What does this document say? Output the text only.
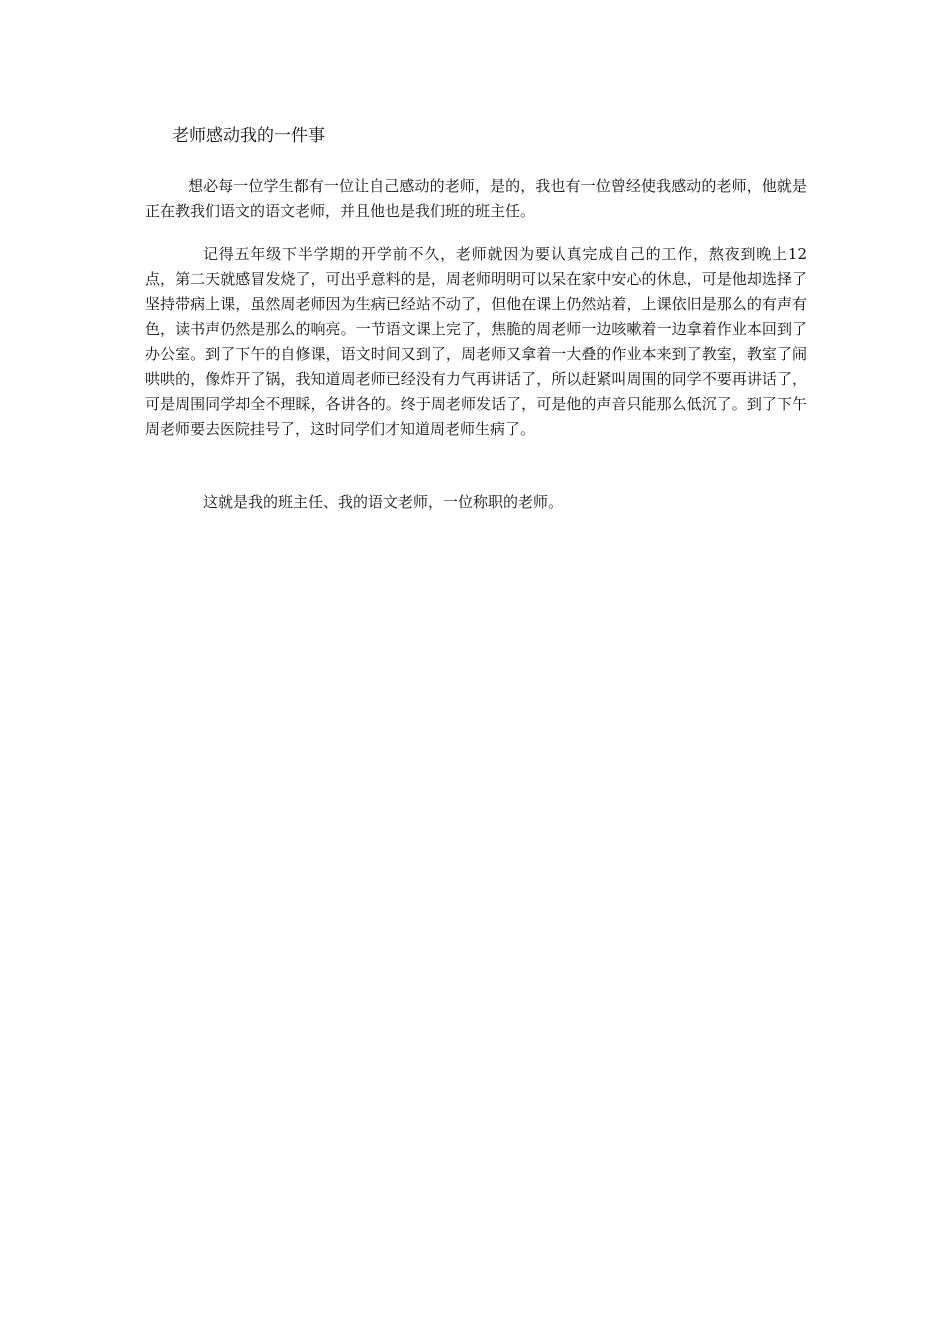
老师感动我的一件事

想必每一位学生都有一位让自己感动的老师，是的，我也有一位曾经使我感动的老师，他就是正在教我们语文的语文老师，并且他也是我们班的班主任。

记得五年级下半学期的开学前不久，老师就因为要认真完成自己的工作，熬夜到晚上12点，第二天就感冒发烧了，可出乎意料的是，周老师明明可以呆在家中安心的休息，可是他却选择了坚持带病上课，虽然周老师因为生病已经站不动了，但他在课上仍然站着，上课依旧是那么的有声有色，读书声仍然是那么的响亮。一节语文课上完了，焦脆的周老师一边咳嗽着一边拿着作业本回到了办公室。到了下午的自修课，语文时间又到了，周老师又拿着一大叠的作业本来到了教室，教室了闹哄哄的，像炸开了锅，我知道周老师已经没有力气再讲话了，所以赶紧叫周围的同学不要再讲话了，可是周围同学却全不理睬，各讲各的。终于周老师发话了，可是他的声音只能那么低沉了。到了下午周老师要去医院挂号了，这时同学们才知道周老师生病了。

这就是我的班主任、我的语文老师，一位称职的老师。
